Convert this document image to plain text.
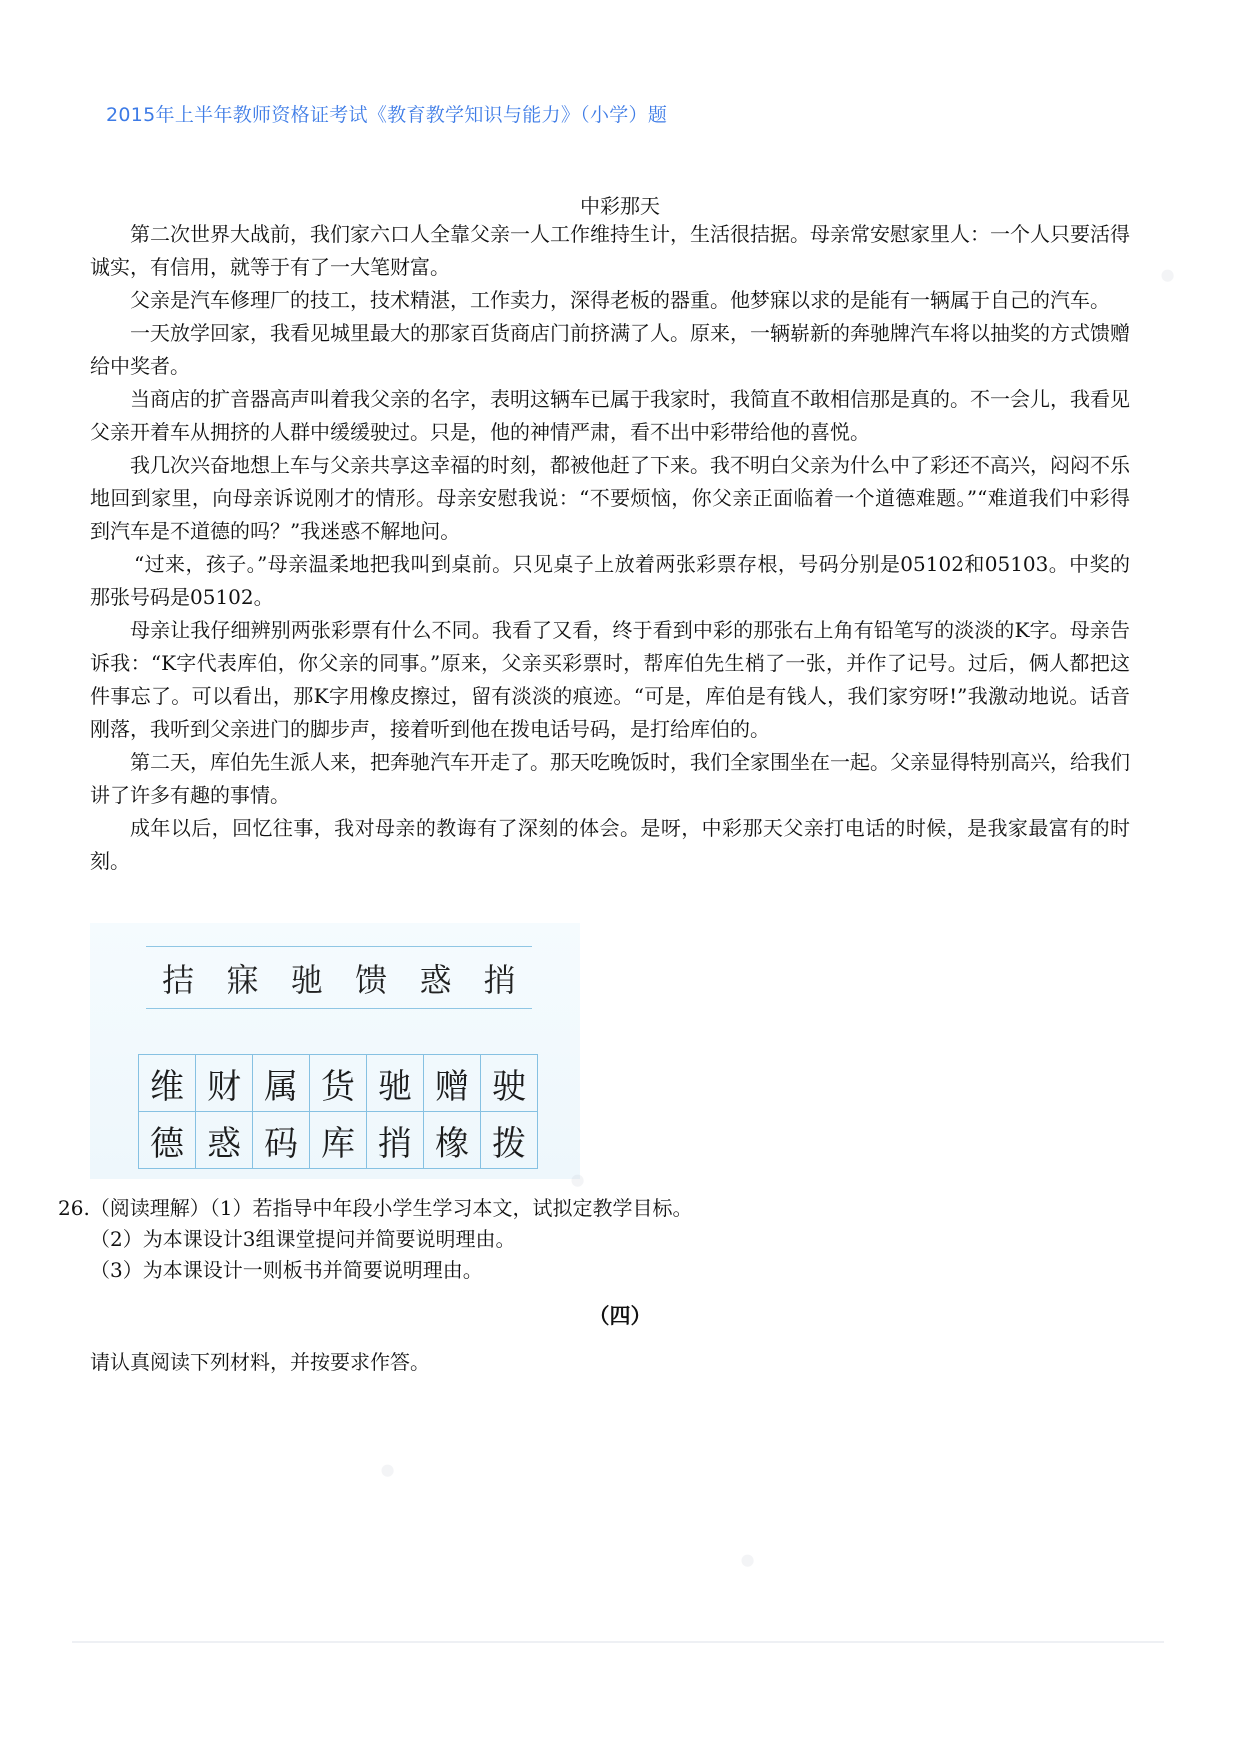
2015年上半年教师资格证考试《教育教学知识与能力》（小学）题
中彩那天

第二次世界大战前，我们家六口人全靠父亲一人工作维持生计，生活很拮据。母亲常安慰家里人：一个人只要活得诚实，有信用，就等于有了一大笔财富。

父亲是汽车修理厂的技工，技术精湛，工作卖力，深得老板的器重。他梦寐以求的是能有一辆属于自己的汽车。

一天放学回家，我看见城里最大的那家百货商店门前挤满了人。原来，一辆崭新的奔驰牌汽车将以抽奖的方式馈赠给中奖者。

当商店的扩音器高声叫着我父亲的名字，表明这辆车已属于我家时，我简直不敢相信那是真的。不一会儿，我看见父亲开着车从拥挤的人群中缓缓驶过。只是，他的神情严肃，看不出中彩带给他的喜悦。

我几次兴奋地想上车与父亲共享这幸福的时刻，都被他赶了下来。我不明白父亲为什么中了彩还不高兴，闷闷不乐地回到家里，向母亲诉说刚才的情形。母亲安慰我说：“不要烦恼，你父亲正面临着一个道德难题。”“难道我们中彩得到汽车是不道德的吗？”我迷惑不解地问。

“过来，孩子。”母亲温柔地把我叫到桌前。只见桌子上放着两张彩票存根，号码分别是05102和05103。中奖的那张号码是05102。

母亲让我仔细辨别两张彩票有什么不同。我看了又看，终于看到中彩的那张右上角有铅笔写的淡淡的K字。母亲告诉我：“K字代表库伯，你父亲的同事。”原来，父亲买彩票时，帮库伯先生梢了一张，并作了记号。过后，俩人都把这件事忘了。可以看出，那K字用橡皮擦过，留有淡淡的痕迹。“可是，库伯是有钱人，我们家穷呀!”我激动地说。话音刚落，我听到父亲进门的脚步声，接着听到他在拨电话号码，是打给库伯的。

第二天，库伯先生派人来，把奔驰汽车开走了。那天吃晚饭时，我们全家围坐在一起。父亲显得特别高兴，给我们讲了许多有趣的事情。

成年以后，回忆往事，我对母亲的教诲有了深刻的体会。是呀，中彩那天父亲打电话的时候，是我家最富有的时刻。

拮 寐 驰 馈 惑 捎
维	财	属	货	驰	赠	驶
德	惑	码	库	捎	橡	拨
26.（阅读理解）（1）若指导中年段小学生学习本文，试拟定教学目标。
（2）为本课设计3组课堂提问并简要说明理由。
（3）为本课设计一则板书并简要说明理由。
（四）
请认真阅读下列材料，并按要求作答。
●
●
●
●
